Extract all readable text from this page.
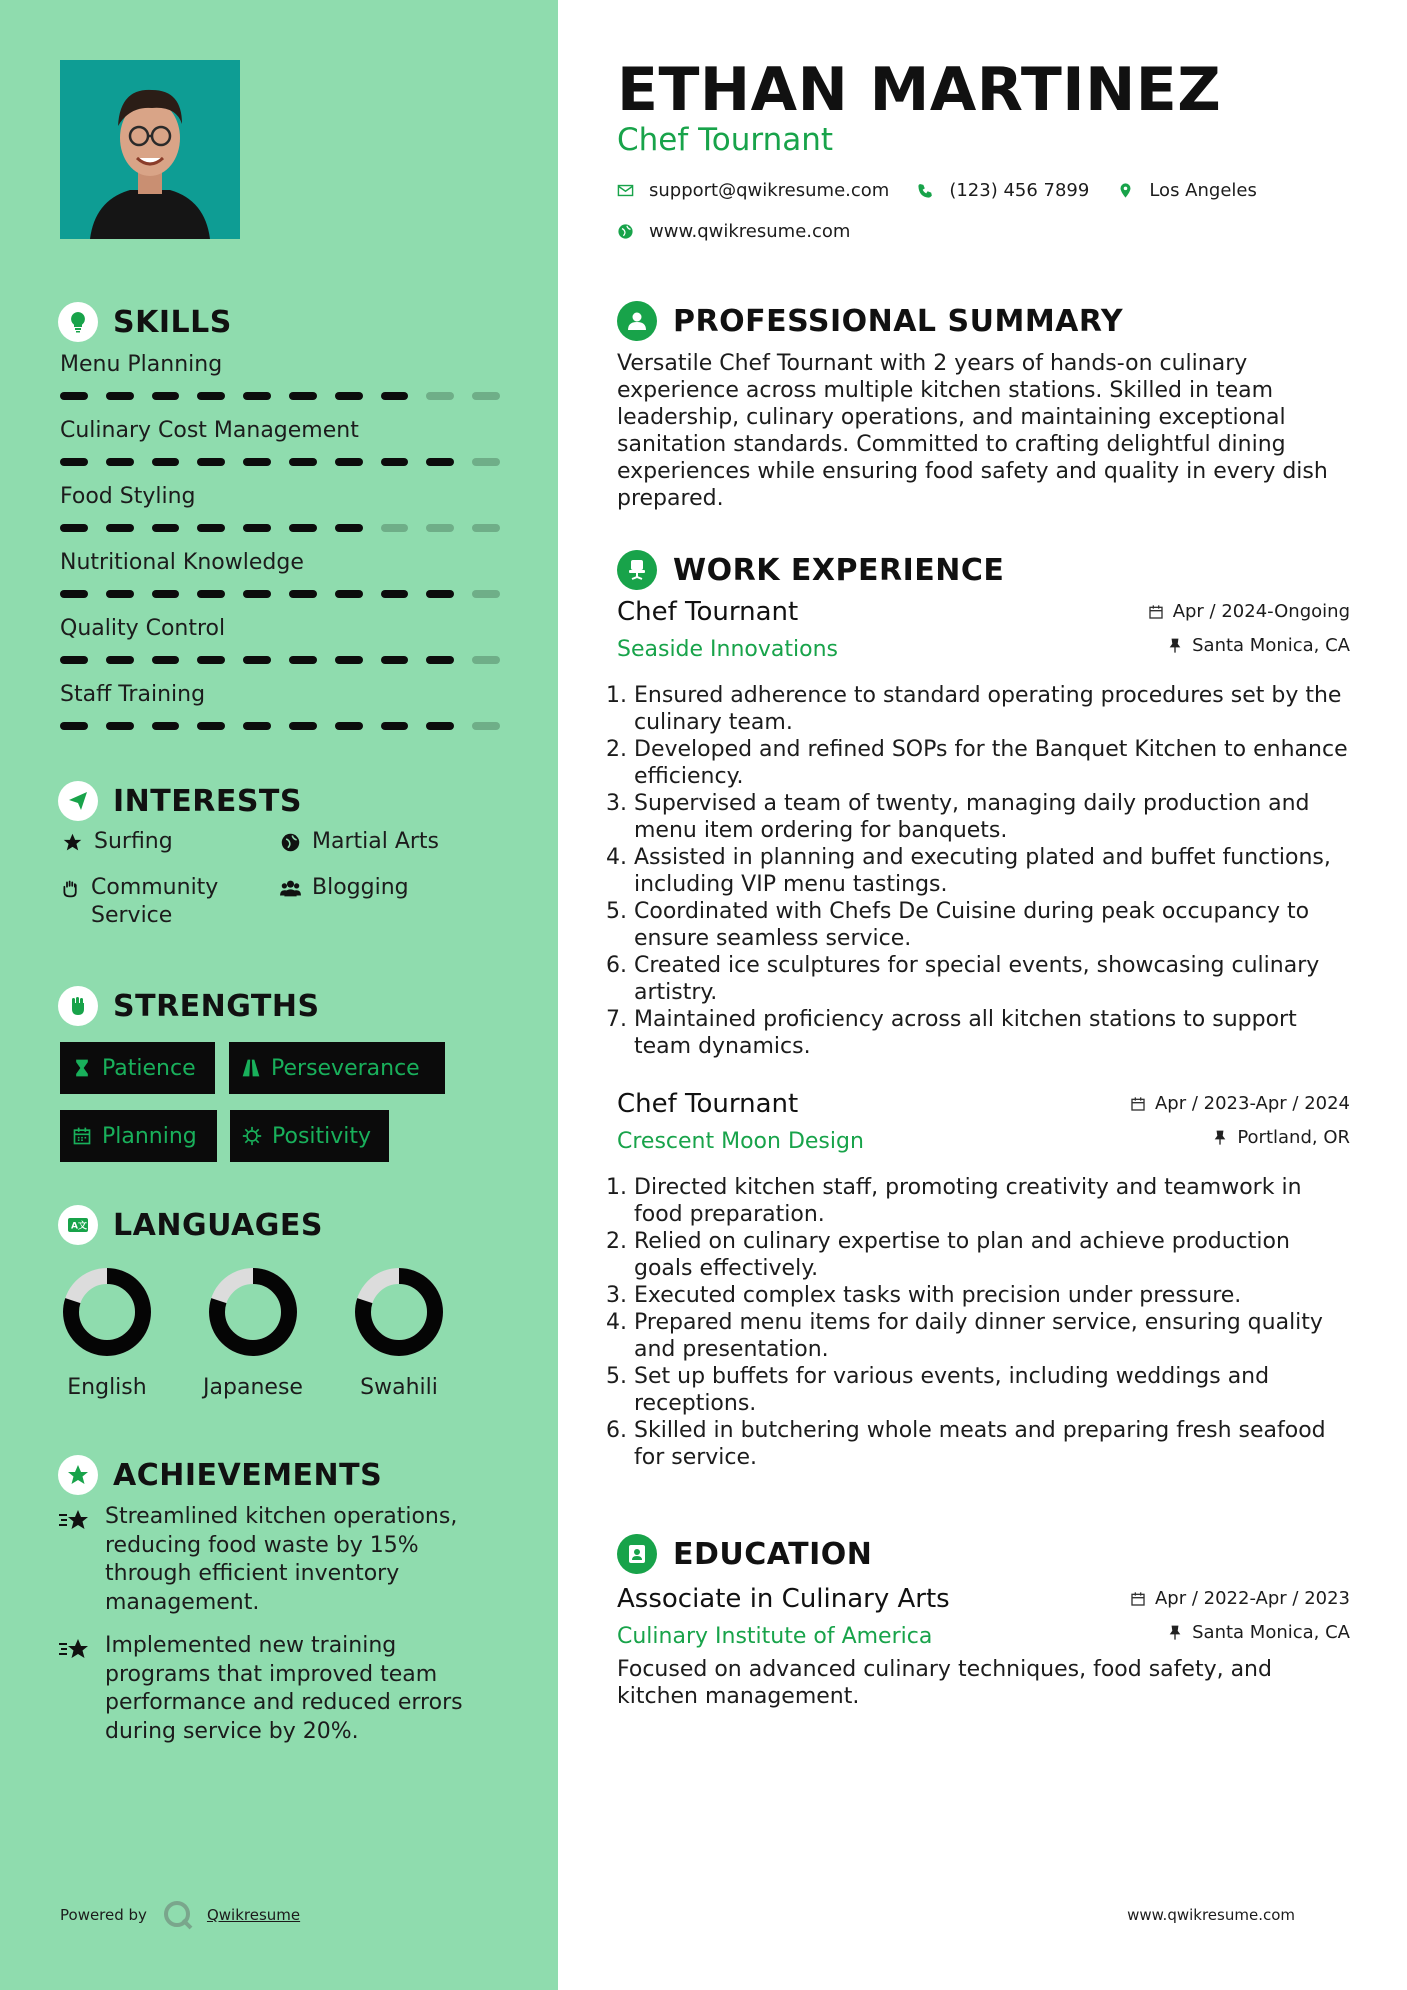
SKILLS
Menu Planning
Culinary Cost Management
Food Styling
Nutritional Knowledge
Quality Control
Staff Training
INTERESTS
Surfing	Martial Arts
Community Service
Blogging
STRENGTHS
Patience	Perseverance
Planning	Positivity
A文 LANGUAGES
English	Japanese	Swahili
ACHIEVEMENTS
Streamlined kitchen operations, reducing food waste by 15% through efficient inventory management.
Implemented new training programs that improved team performance and reduced errors during service by 20%.
Powered by	Qwikresume
ETHAN MARTINEZ
Chef Tournant
support@qwikresume.com	(123) 456 7899	Los Angeles
www.qwikresume.com
PROFESSIONAL SUMMARY
Versatile Chef Tournant with 2 years of hands-on culinary experience across multiple kitchen stations. Skilled in team leadership, culinary operations, and maintaining exceptional sanitation standards. Committed to crafting delightful dining experiences while ensuring food safety and quality in every dish prepared.
WORK EXPERIENCE
Chef Tournant
Seaside Innovations
Apr / 2024-Ongoing
Santa Monica, CA
1. Ensured adherence to standard operating procedures set by the culinary team.
2. Developed and refined SOPs for the Banquet Kitchen to enhance efficiency.
3. Supervised a team of twenty, managing daily production and menu item ordering for banquets.
4. Assisted in planning and executing plated and buffet functions, including VIP menu tastings.
5. Coordinated with Chefs De Cuisine during peak occupancy to ensure seamless service.
6. Created ice sculptures for special events, showcasing culinary artistry.
7. Maintained proficiency across all kitchen stations to support team dynamics.
Chef Tournant
Crescent Moon Design
Apr / 2023-Apr / 2024
Portland, OR
1. Directed kitchen staff, promoting creativity and teamwork in food preparation.
2. Relied on culinary expertise to plan and achieve production goals effectively.
3. Executed complex tasks with precision under pressure.
4. Prepared menu items for daily dinner service, ensuring quality and presentation.
5. Set up buffets for various events, including weddings and receptions.
6. Skilled in butchering whole meats and preparing fresh seafood for service.
EDUCATION
Associate in Culinary Arts
Culinary Institute of America
Apr / 2022-Apr / 2023
Santa Monica, CA
Focused on advanced culinary techniques, food safety, and kitchen management.
www.qwikresume.com
